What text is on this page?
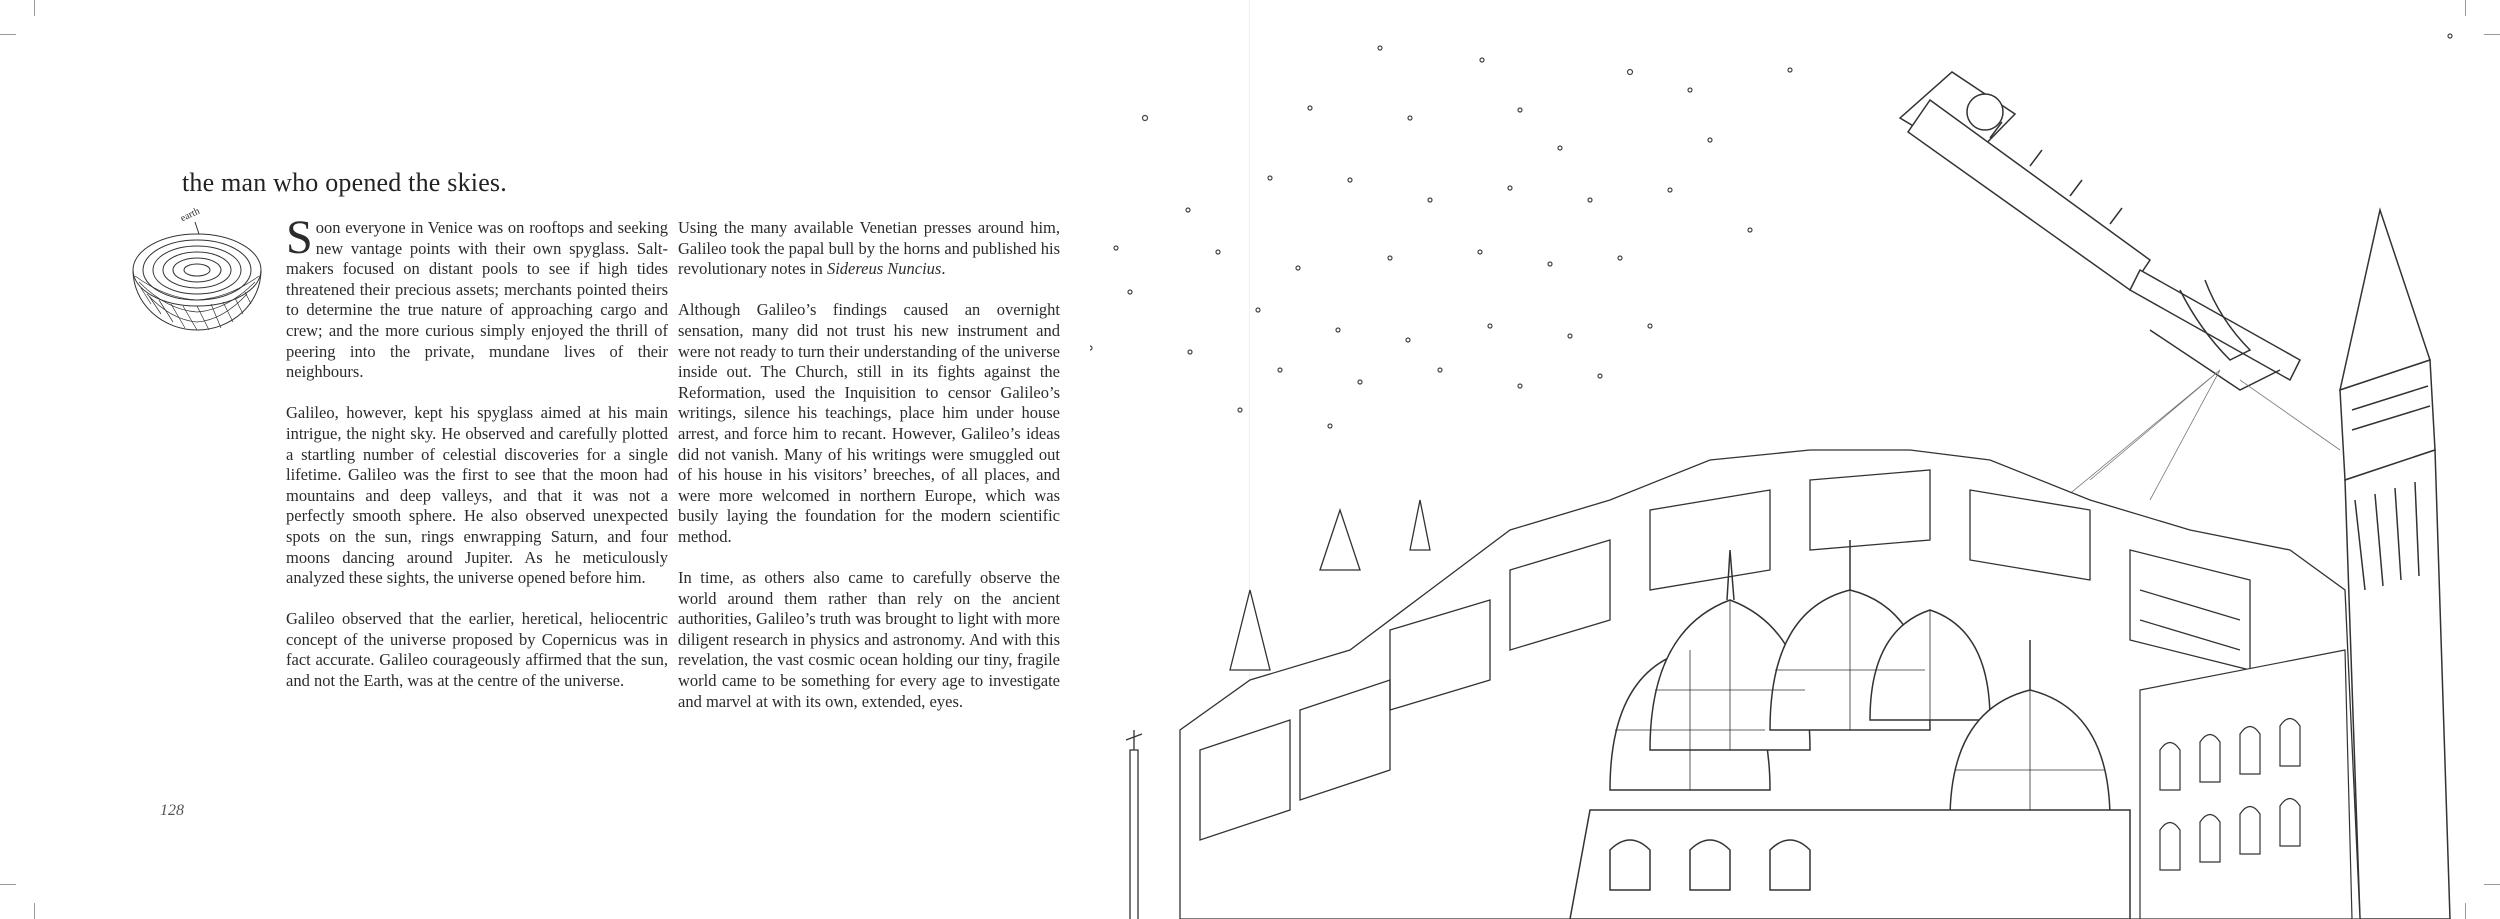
the man who opened the skies.
earth Soon everyone in Venice was on rooftops and seeking new vantage points with their own spyglass. Salt-makers focused on distant pools to see if high tides threatened their precious assets; merchants pointed theirs to determine the true nature of approaching cargo and crew; and the more curious simply enjoyed the thrill of peering into the private, mundane lives of their neighbours.

Galileo, however, kept his spyglass aimed at his main intrigue, the night sky. He observed and carefully plotted a startling number of celestial discoveries for a single lifetime. Galileo was the first to see that the moon had mountains and deep valleys, and that it was not a perfectly smooth sphere. He also observed unexpected spots on the sun, rings enwrapping Saturn, and four moons dancing around Jupiter. As he meticulously analyzed these sights, the universe opened before him.

Galileo observed that the earlier, heretical, heliocentric concept of the universe proposed by Copernicus was in fact accurate. Galileo courageously affirmed that the sun, and not the Earth, was at the centre of the universe.

Using the many available Venetian presses around him, Galileo took the papal bull by the horns and published his revolutionary notes in Sidereus Nuncius.

Although Galileo’s findings caused an overnight sensation, many did not trust his new instrument and were not ready to turn their understanding of the universe inside out. The Church, still in its fights against the Reformation, used the Inquisition to censor Galileo’s writings, silence his teachings, place him under house arrest, and force him to recant. However, Galileo’s ideas did not vanish. Many of his writings were smuggled out of his house in his visitors’ breeches, of all places, and were more welcomed in northern Europe, which was busily laying the foundation for the modern scientific method.

In time, as others also came to carefully observe the world around them rather than rely on the ancient authorities, Galileo’s truth was brought to light with more diligent research in physics and astronomy. And with this revelation, the vast cosmic ocean holding our tiny, fragile world came to be something for every age to investigate and marvel at with its own, extended, eyes.

128
